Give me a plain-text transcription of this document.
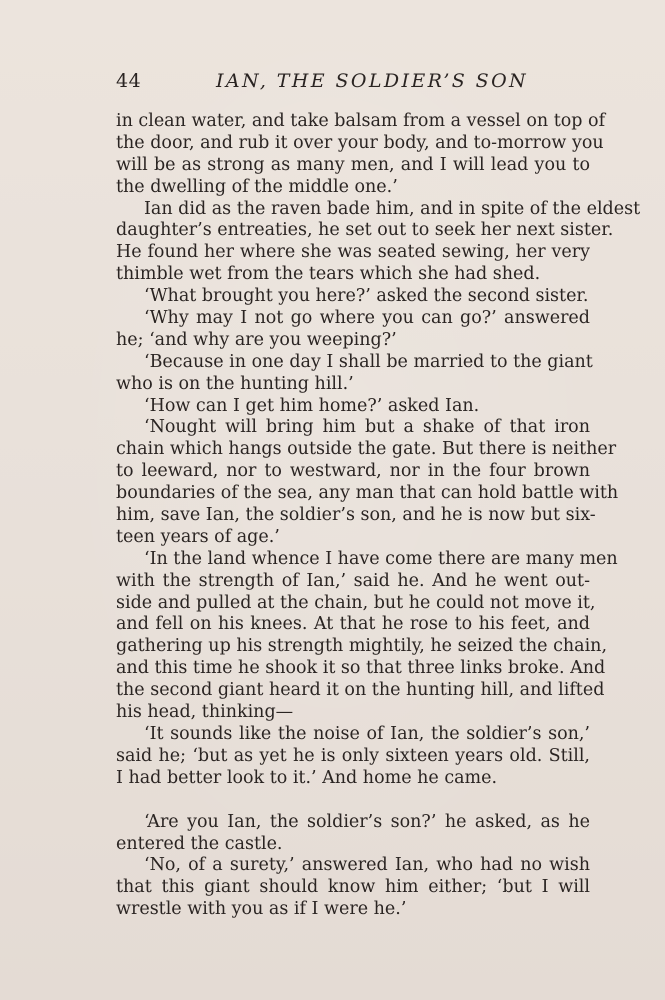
44	IAN, THE SOLDIER’S SON
in clean water, and take balsam from a vessel on top of
the door, and rub it over your body, and to-morrow you
will be as strong as many men, and I will lead you to
the dwelling of the middle one.’
Ian did as the raven bade him, and in spite of the eldest
daughter’s entreaties, he set out to seek her next sister.
He found her where she was seated sewing, her very
thimble wet from the tears which she had shed.
‘What brought you here?’ asked the second sister.
‘Why may I not go where you can go?’ answered
he; ‘and why are you weeping?’
‘Because in one day I shall be married to the giant
who is on the hunting hill.’
‘How can I get him home?’ asked Ian.
‘Nought will bring him but a shake of that iron
chain which hangs outside the gate. But there is neither
to leeward, nor to westward, nor in the four brown
boundaries of the sea, any man that can hold battle with
him, save Ian, the soldier’s son, and he is now but six-
teen years of age.’
‘In the land whence I have come there are many men
with the strength of Ian,’ said he. And he went out-
side and pulled at the chain, but he could not move it,
and fell on his knees. At that he rose to his feet, and
gathering up his strength mightily, he seized the chain,
and this time he shook it so that three links broke. And
the second giant heard it on the hunting hill, and lifted
his head, thinking—
‘It sounds like the noise of Ian, the soldier’s son,’
said he; ‘but as yet he is only sixteen years old. Still,
I had better look to it.’ And home he came.
‘Are you Ian, the soldier’s son?’ he asked, as he
entered the castle.
‘No, of a surety,’ answered Ian, who had no wish
that this giant should know him either; ‘but I will
wrestle with you as if I were he.’
